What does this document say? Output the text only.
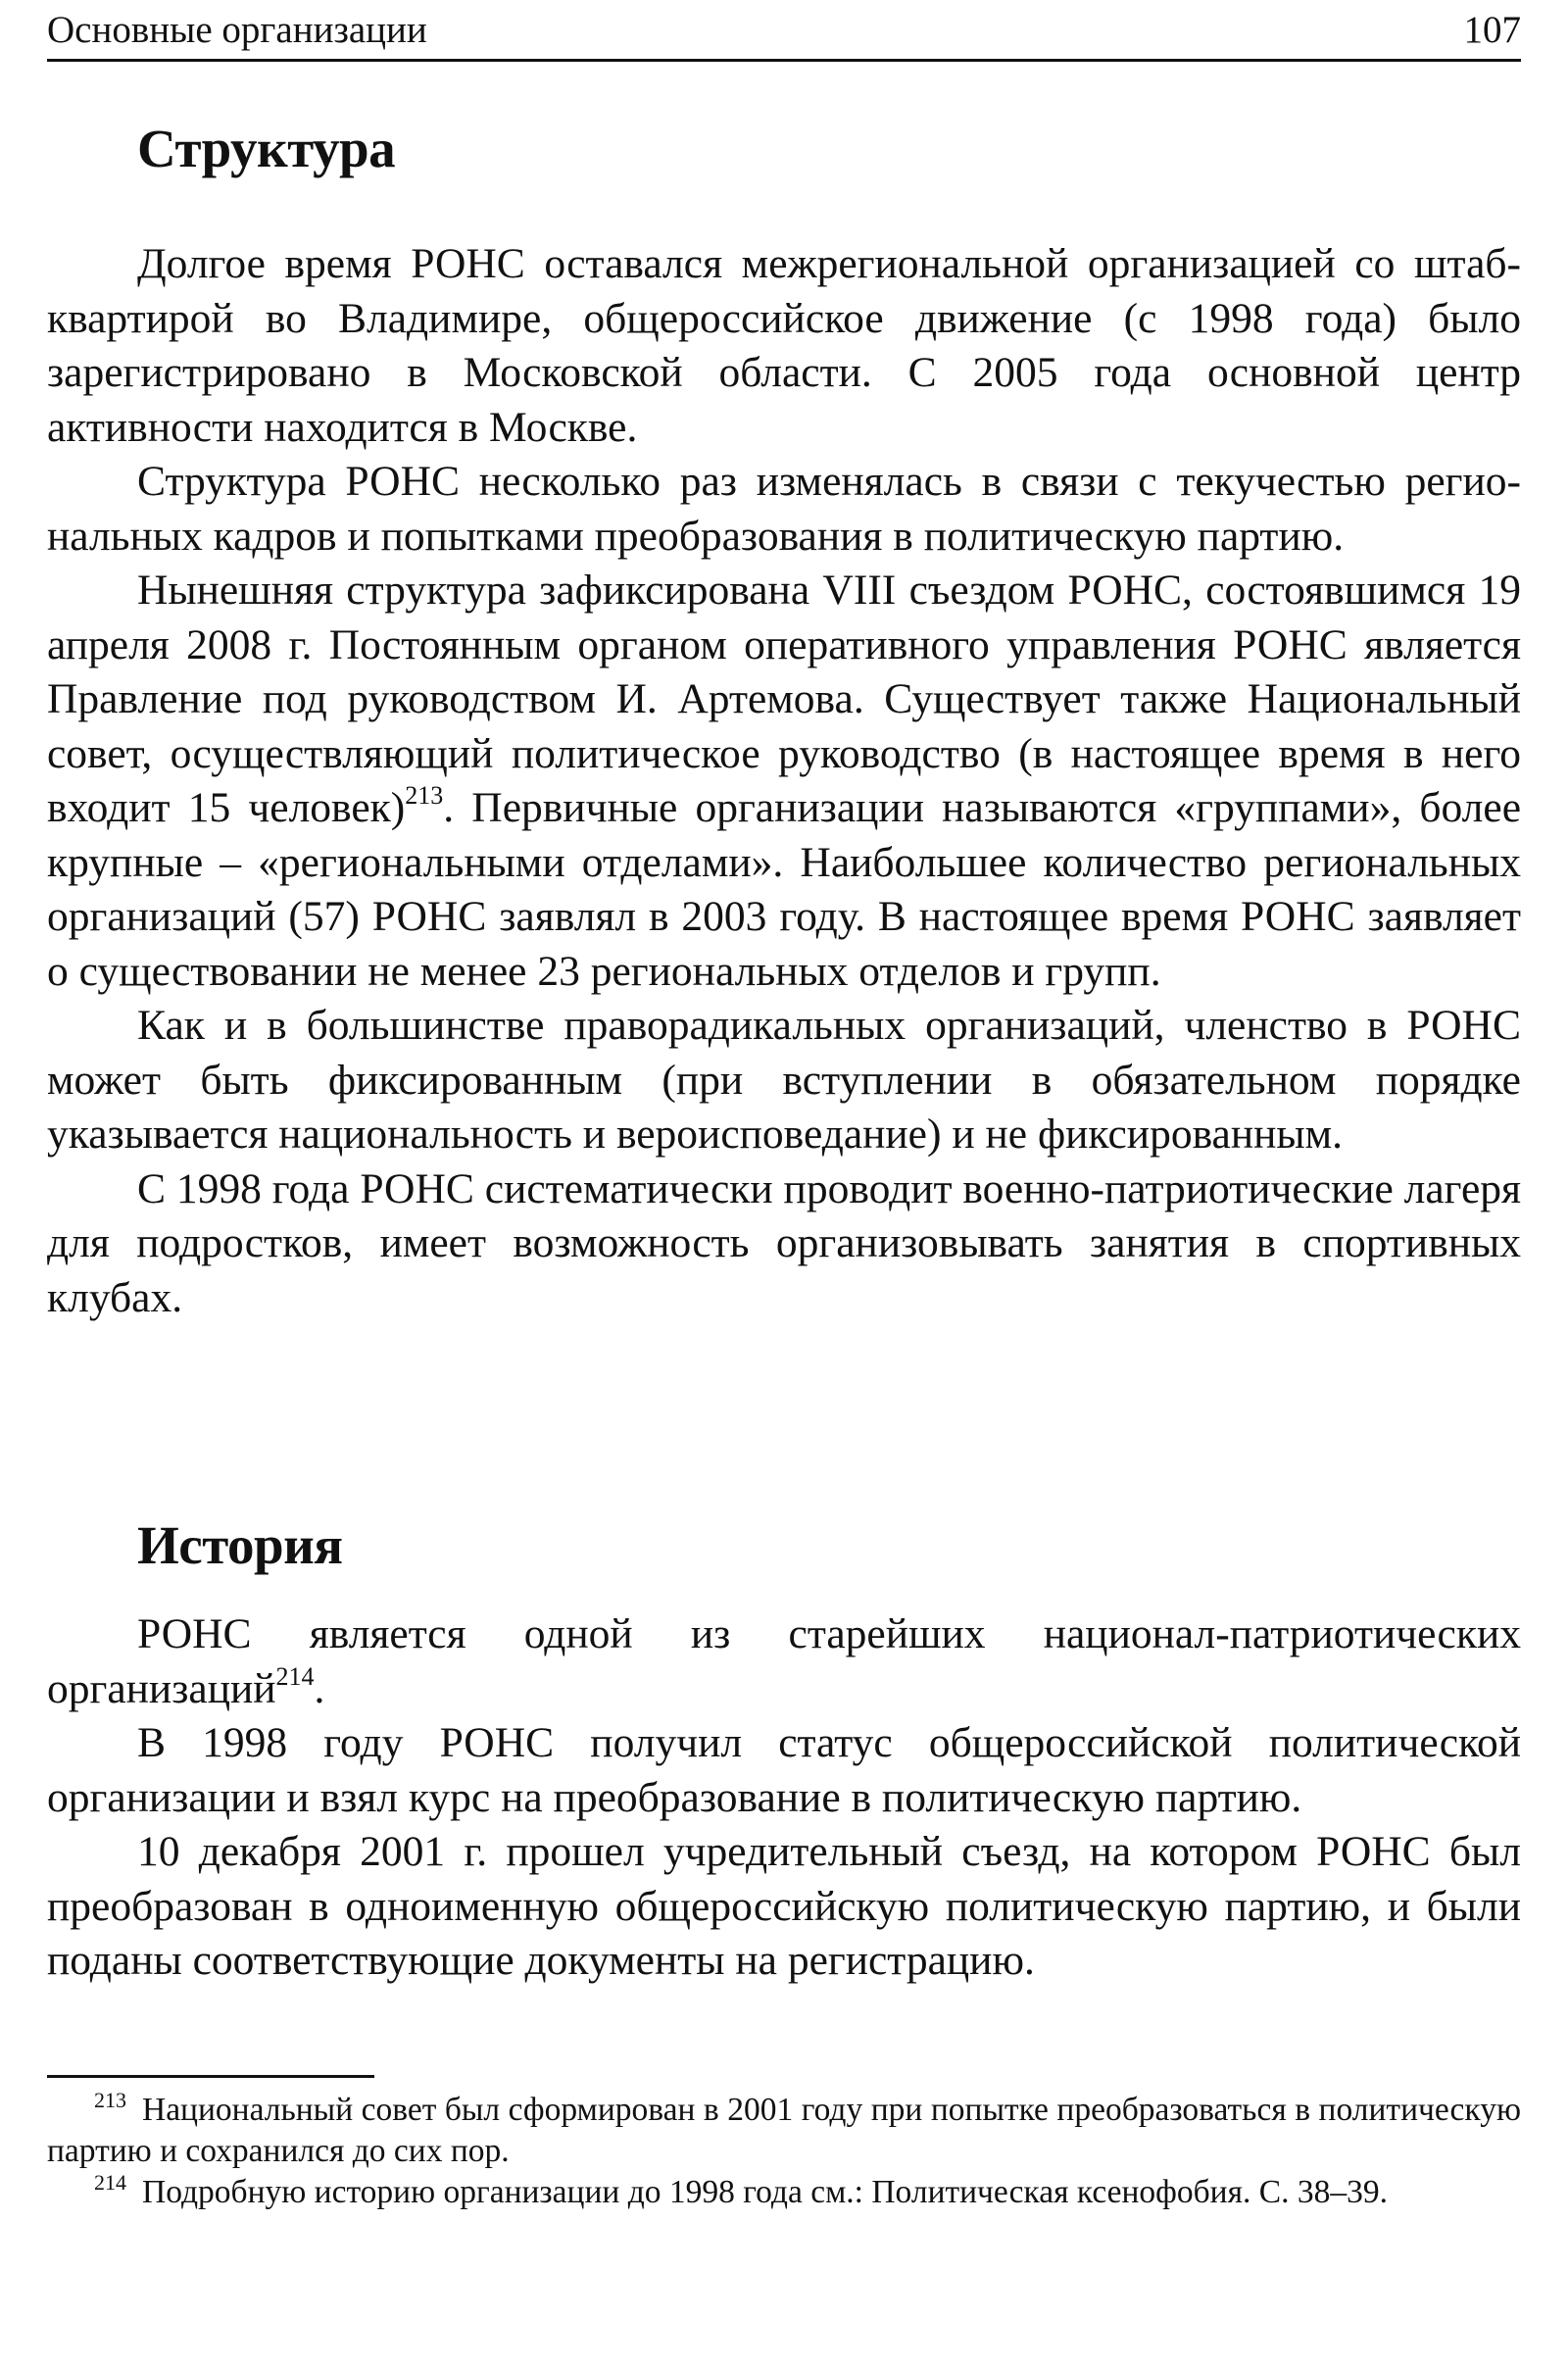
Основные организации	107
Структура

Долгое время РОНС оставался межрегиональной организацией со штаб-квартирой во Владимире, общероссийское движение (с 1998 года) было зарегистрировано в Московской области. С 2005 года основной центр активности находится в Москве.

Структура РОНС несколько раз изменялась в связи с текучестью региональных кадров и попытками преобразования в политическую партию.

Нынешняя структура зафиксирована VIII съездом РОНС, состоявшимся 19 апреля 2008 г. Постоянным органом оперативного управления РОНС является Правление под руководством И. Артемова. Существует также Национальный совет, осуществляющий политическое руководство (в настоящее время в него входит 15 человек)$^{213}$. Первичные организации называются «группами», более крупные – «региональными отделами». Наибольшее количество региональных организаций (57) РОНС заявлял в 2003 году. В настоящее время РОНС заявляет о существовании не менее 23 региональных отделов и групп.

Как и в большинстве праворадикальных организаций, членство в РОНС может быть фиксированным (при вступлении в обязательном порядке указывается национальность и вероисповедание) и не фиксированным.

С 1998 года РОНС систематически проводит военно-патриотические лагеря для подростков, имеет возможность организовывать занятия в спортивных клубах.

История

РОНС является одной из старейших национал-патриотических организаций$^{214}$.

В 1998 году РОНС получил статус общероссийской политической организации и взял курс на преобразование в политическую партию.

10 декабря 2001 г. прошел учредительный съезд, на котором РОНС был преобразован в одноименную общероссийскую политическую партию, и были поданы соответствующие документы на регистрацию.

$^{213}$ Национальный совет был сформирован в 2001 году при попытке преобразоваться в политическую партию и сохранился до сих пор.

$^{214}$ Подробную историю организации до 1998 года см.: Политическая ксенофобия. С. 38–39.
